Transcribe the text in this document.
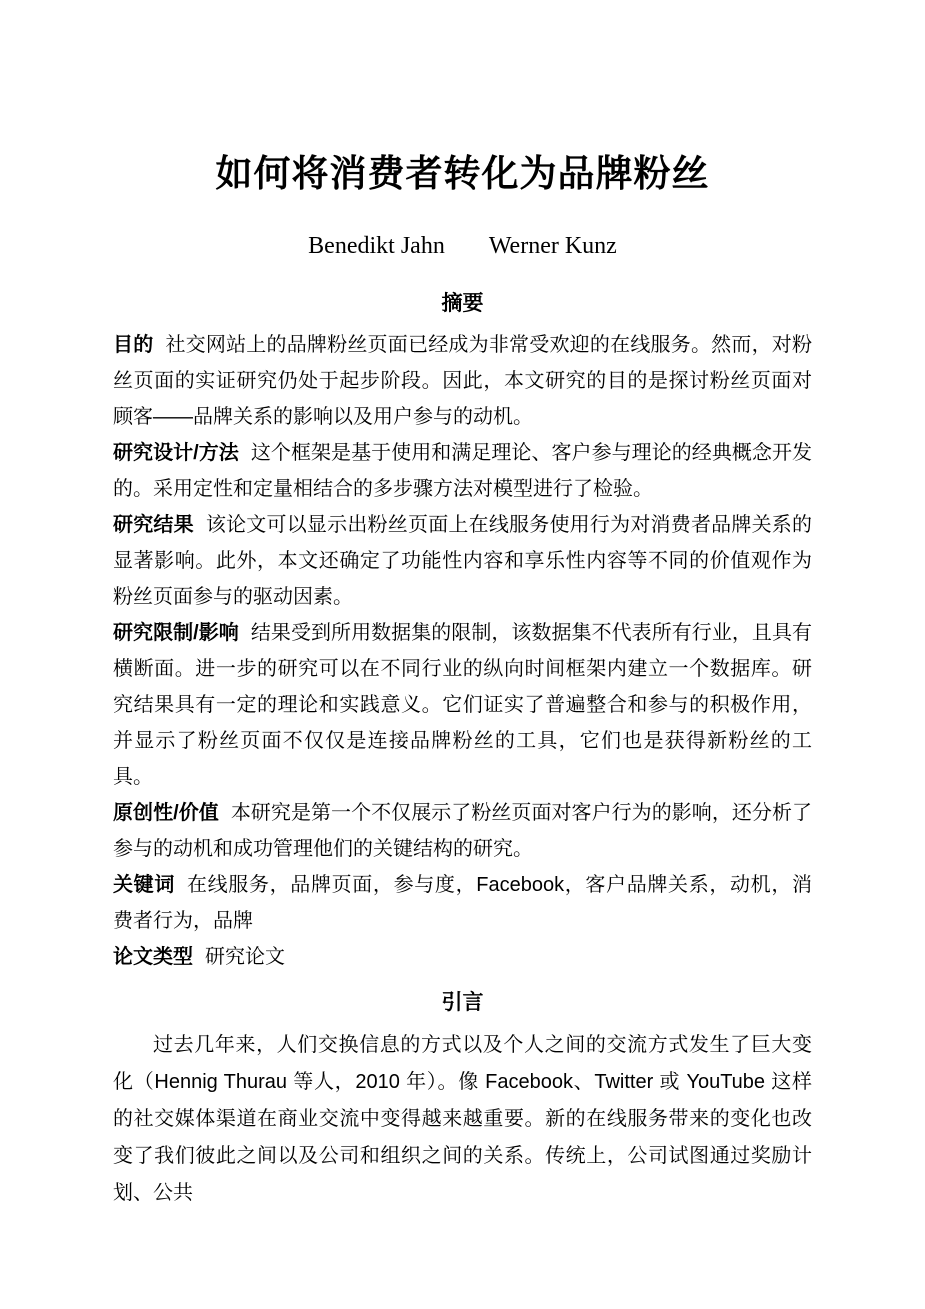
如何将消费者转化为品牌粉丝
Benedikt Jahn Werner Kunz
摘要

目的 社交网站上的品牌粉丝页面已经成为非常受欢迎的在线服务。然而，对粉丝页面的实证研究仍处于起步阶段。因此，本文研究的目的是探讨粉丝页面对顾客——品牌关系的影响以及用户参与的动机。

研究设计/方法 这个框架是基于使用和满足理论、客户参与理论的经典概念开发的。采用定性和定量相结合的多步骤方法对模型进行了检验。

研究结果 该论文可以显示出粉丝页面上在线服务使用行为对消费者品牌关系的显著影响。此外，本文还确定了功能性内容和享乐性内容等不同的价值观作为粉丝页面参与的驱动因素。

研究限制/影响 结果受到所用数据集的限制，该数据集不代表所有行业，且具有横断面。进一步的研究可以在不同行业的纵向时间框架内建立一个数据库。研究结果具有一定的理论和实践意义。它们证实了普遍整合和参与的积极作用，并显示了粉丝页面不仅仅是连接品牌粉丝的工具，它们也是获得新粉丝的工具。

原创性/价值 本研究是第一个不仅展示了粉丝页面对客户行为的影响，还分析了参与的动机和成功管理他们的关键结构的研究。

关键词 在线服务，品牌页面，参与度，Facebook，客户品牌关系，动机，消费者行为，品牌

论文类型 研究论文

引言

过去几年来，人们交换信息的方式以及个人之间的交流方式发生了巨大变化（Hennig Thurau 等人，2010 年）。像 Facebook、Twitter 或 YouTube 这样的社交媒体渠道在商业交流中变得越来越重要。新的在线服务带来的变化也改变了我们彼此之间以及公司和组织之间的关系。传统上，公司试图通过奖励计划、公共
